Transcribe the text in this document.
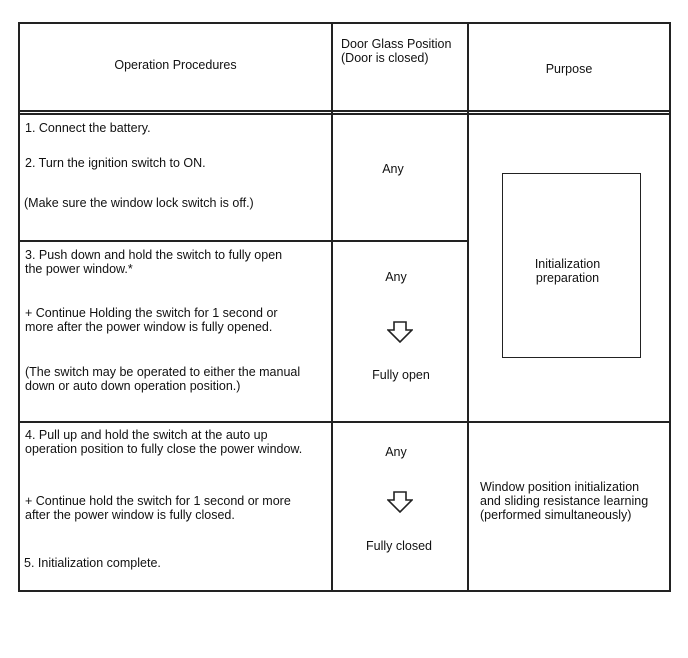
Operation Procedures
Door Glass Position
(Door is closed)
Purpose
1. Connect the battery.
2. Turn the ignition switch to ON.
(Make sure the window lock switch is off.)
Any
3. Push down and hold the switch to fully open
the power window.*
+ Continue Holding the switch for 1 second or
more after the power window is fully opened.
(The switch may be operated to either the manual
down or auto down operation position.)
Any
Fully open
Initialization
preparation
4. Pull up and hold the switch at the auto up
operation position to fully close the power window.
+ Continue hold the switch for 1 second or more
after the power window is fully closed.
5. Initialization complete.
Any
Fully closed
Window position initialization
and sliding resistance learning
(performed simultaneously)
